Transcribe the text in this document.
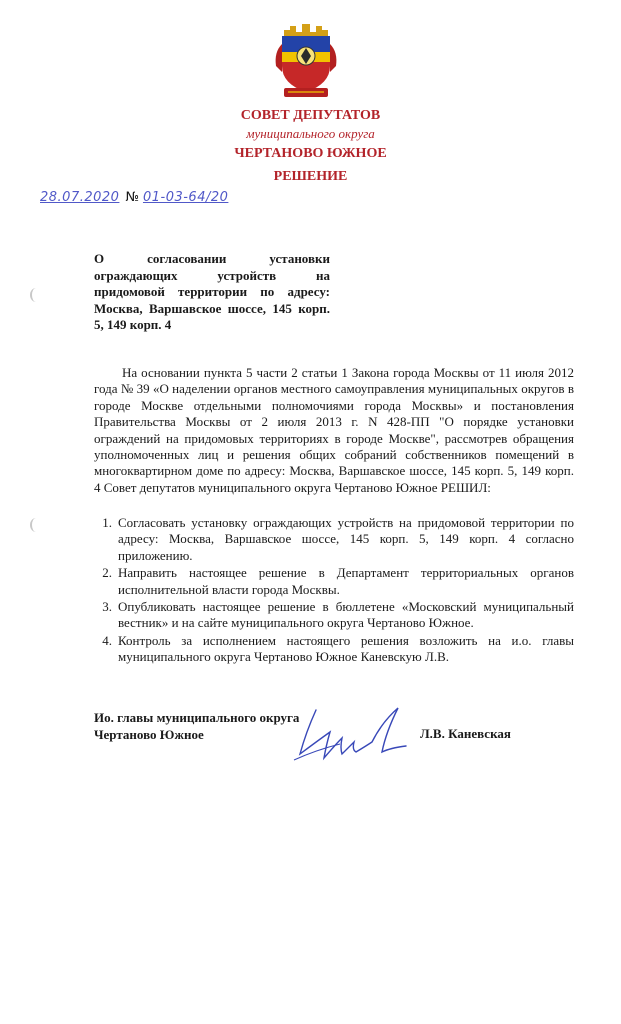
СОВЕТ ДЕПУТАТОВ
муниципального округа
ЧЕРТАНОВО ЮЖНОЕ
РЕШЕНИЕ
28.07.2020 № 01-03-64/20
О согласовании установки ограждающих устройств на придомовой территории по адресу: Москва, Варшавское шоссе, 145 корп. 5, 149 корп. 4

На основании пункта 5 части 2 статьи 1 Закона города Москвы от 11 июля 2012 года № 39 «О наделении органов местного самоуправления муниципальных округов в городе Москве отдельными полномочиями города Москвы» и постановления Правительства Москвы от 2 июля 2013 г. N 428-ПП "О порядке установки ограждений на придомовых территориях в городе Москве", рассмотрев обращения уполномоченных лиц и решения общих собраний собственников помещений в многоквартирном доме по адресу: Москва, Варшавское шоссе, 145 корп. 5, 149 корп. 4 Совет депутатов муниципального округа Чертаново Южное РЕШИЛ:

1. Согласовать установку ограждающих устройств на придомовой территории по адресу: Москва, Варшавское шоссе, 145 корп. 5, 149 корп. 4 согласно приложению.
2. Направить настоящее решение в Департамент территориальных органов исполнительной власти города Москвы.
3. Опубликовать настоящее решение в бюллетене «Московский муниципальный вестник» и на сайте муниципального округа Чертаново Южное.
4. Контроль за исполнением настоящего решения возложить на и.о. главы муниципального округа Чертаново Южное Каневскую Л.В.
Ио. главы муниципального округа
Чертаново Южное	Л.В. Каневская
